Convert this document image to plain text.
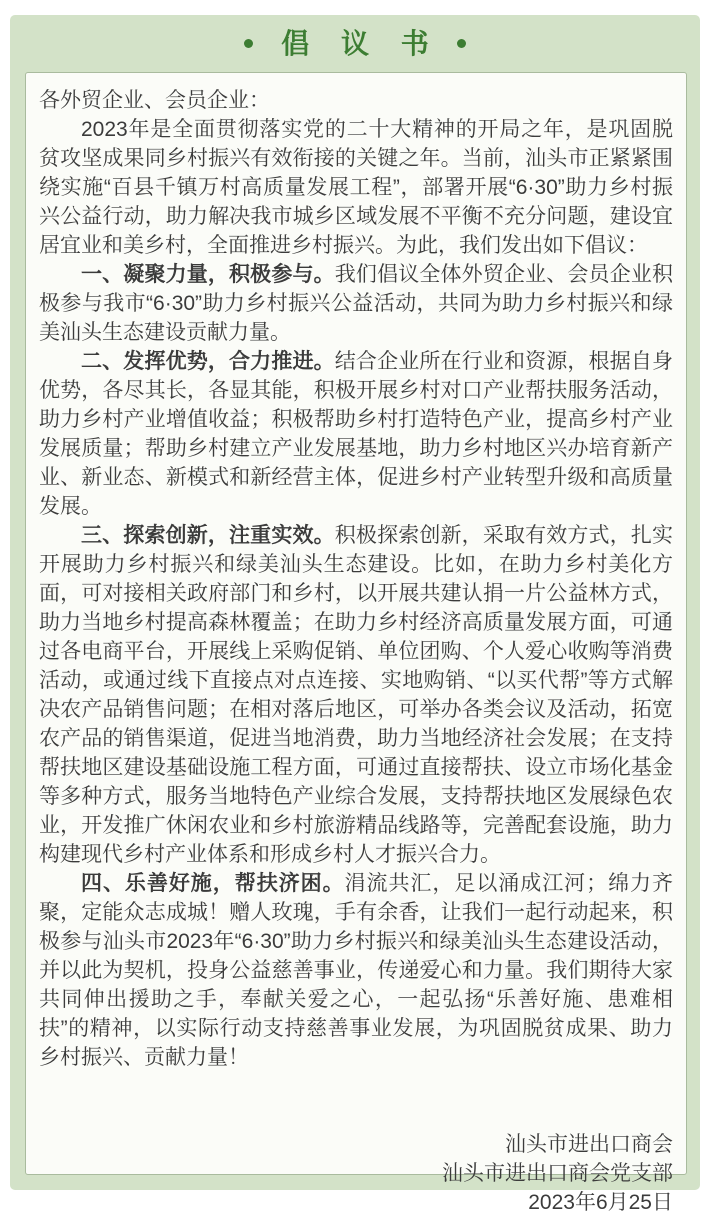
倡 议 书

各外贸企业、会员企业：

2023年是全面贯彻落实党的二十大精神的开局之年，是巩固脱贫攻坚成果同乡村振兴有效衔接的关键之年。当前，汕头市正紧紧围绕实施“百县千镇万村高质量发展工程”，部署开展“6·30”助力乡村振兴公益行动，助力解决我市城乡区域发展不平衡不充分问题，建设宜居宜业和美乡村，全面推进乡村振兴。为此，我们发出如下倡议：

一、凝聚力量，积极参与。我们倡议全体外贸企业、会员企业积极参与我市“6·30”助力乡村振兴公益活动，共同为助力乡村振兴和绿美汕头生态建设贡献力量。

二、发挥优势，合力推进。结合企业所在行业和资源，根据自身优势，各尽其长，各显其能，积极开展乡村对口产业帮扶服务活动，助力乡村产业增值收益；积极帮助乡村打造特色产业，提高乡村产业发展质量；帮助乡村建立产业发展基地，助力乡村地区兴办培育新产业、新业态、新模式和新经营主体，促进乡村产业转型升级和高质量发展。

三、探索创新，注重实效。积极探索创新，采取有效方式，扎实开展助力乡村振兴和绿美汕头生态建设。比如，在助力乡村美化方面，可对接相关政府部门和乡村，以开展共建认捐一片公益林方式，助力当地乡村提高森林覆盖；在助力乡村经济高质量发展方面，可通过各电商平台，开展线上采购促销、单位团购、个人爱心收购等消费活动，或通过线下直接点对点连接、实地购销、“以买代帮”等方式解决农产品销售问题；在相对落后地区，可举办各类会议及活动，拓宽农产品的销售渠道，促进当地消费，助力当地经济社会发展；在支持帮扶地区建设基础设施工程方面，可通过直接帮扶、设立市场化基金等多种方式，服务当地特色产业综合发展，支持帮扶地区发展绿色农业，开发推广休闲农业和乡村旅游精品线路等，完善配套设施，助力构建现代乡村产业体系和形成乡村人才振兴合力。

四、乐善好施，帮扶济困。涓流共汇，足以涌成江河；绵力齐聚，定能众志成城！赠人玫瑰，手有余香，让我们一起行动起来，积极参与汕头市2023年“6·30”助力乡村振兴和绿美汕头生态建设活动，并以此为契机，投身公益慈善事业，传递爱心和力量。我们期待大家共同伸出援助之手，奉献关爱之心，一起弘扬“乐善好施、患难相扶”的精神，以实际行动支持慈善事业发展，为巩固脱贫成果、助力乡村振兴、贡献力量！

汕头市进出口商会

汕头市进出口商会党支部

2023年6月25日
